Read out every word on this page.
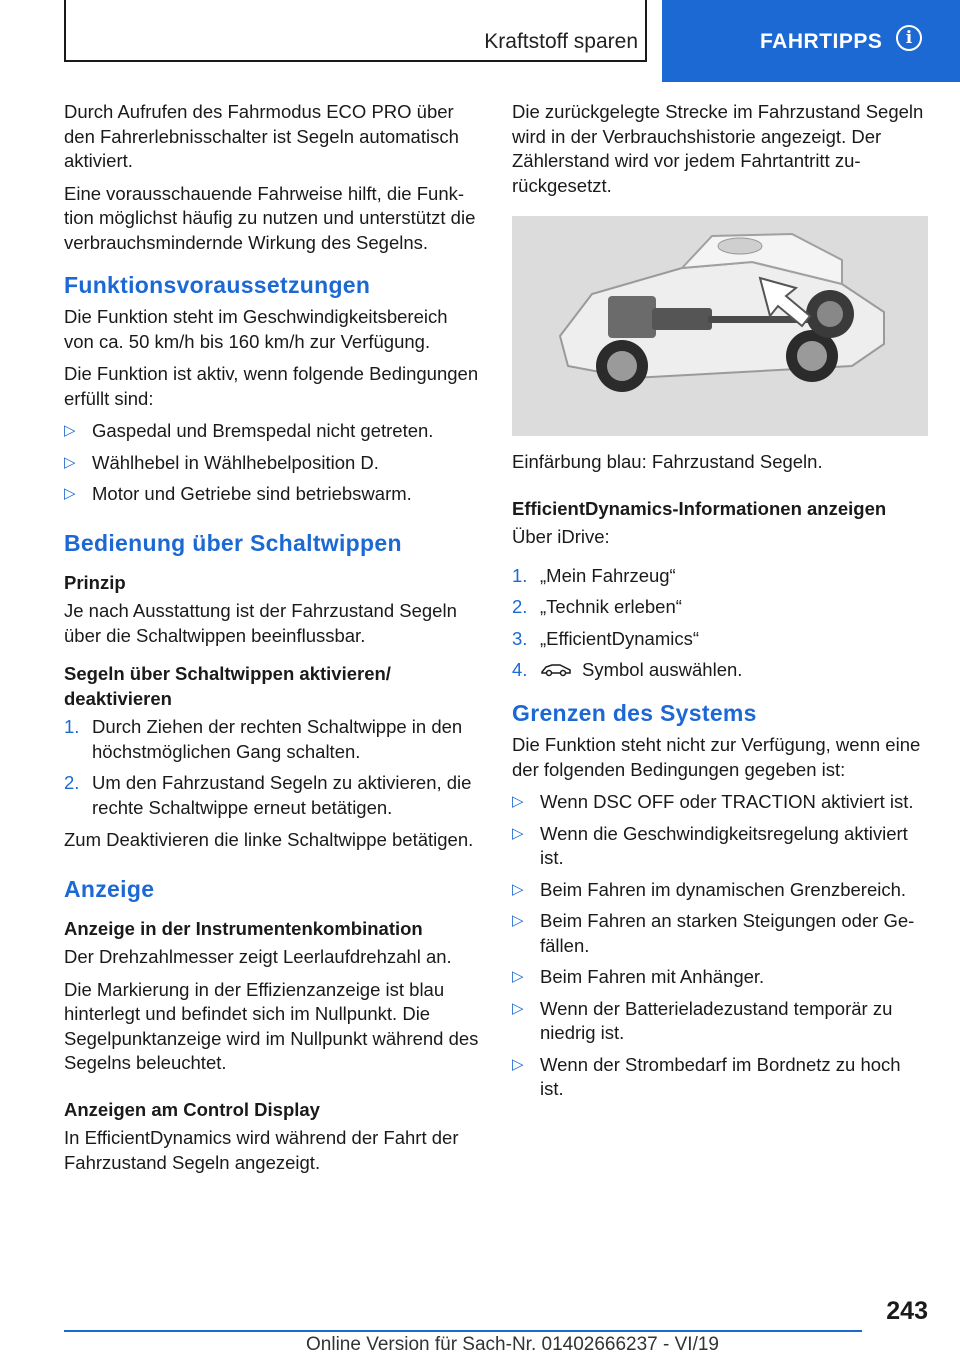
Kraftstoff sparen	FAHRTIPPS	i

Durch Aufrufen des Fahrmodus ECO PRO über den Fahrerlebnisschalter ist Segeln automatisch aktiviert.

Eine vorausschauende Fahrweise hilft, die Funktion möglichst häufig zu nutzen und unterstützt die verbrauchsmindernde Wirkung des Segelns.

Funktionsvoraussetzungen

Die Funktion steht im Geschwindigkeitsbereich von ca. 50 km/h bis 160 km/h zur Verfügung.

Die Funktion ist aktiv, wenn folgende Bedingungen erfüllt sind:

▷ Gaspedal und Bremspedal nicht getreten.
▷ Wählhebel in Wählhebelposition D.
▷ Motor und Getriebe sind betriebswarm.
Bedienung über Schaltwippen
Prinzip

Je nach Ausstattung ist der Fahrzustand Segeln über die Schaltwippen beeinflussbar.

Segeln über Schaltwippen aktivieren/ deaktivieren
1. Durch Ziehen der rechten Schaltwippe in den höchstmöglichen Gang schalten.
2. Um den Fahrzustand Segeln zu aktivieren, die rechte Schaltwippe erneut betätigen.

Zum Deaktivieren die linke Schaltwippe betätigen.

Anzeige
Anzeige in der Instrumentenkombination

Der Drehzahlmesser zeigt Leerlaufdrehzahl an.

Die Markierung in der Effizienzanzeige ist blau hinterlegt und befindet sich im Nullpunkt. Die Segelpunktanzeige wird im Nullpunkt während des Segelns beleuchtet.

Anzeigen am Control Display

In EfficientDynamics wird während der Fahrt der Fahrzustand Segeln angezeigt.

Die zurückgelegte Strecke im Fahrzustand Segeln wird in der Verbrauchshistorie angezeigt. Der Zählerstand wird vor jedem Fahrtantritt zurückgesetzt.

Einfärbung blau: Fahrzustand Segeln.

EfficientDynamics-Informationen anzeigen

Über iDrive:

1. „Mein Fahrzeug“
2. „Technik erleben“
3. „EfficientDynamics“
4.	Symbol auswählen.
Grenzen des Systems

Die Funktion steht nicht zur Verfügung, wenn eine der folgenden Bedingungen gegeben ist:

▷ Wenn DSC OFF oder TRACTION aktiviert ist.
▷ Wenn die Geschwindigkeitsregelung aktiviert ist.
▷ Beim Fahren im dynamischen Grenzbereich.
▷ Beim Fahren an starken Steigungen oder Gefällen.
▷ Beim Fahren mit Anhänger.
▷ Wenn der Batterieladezustand temporär zu niedrig ist.
▷ Wenn der Strombedarf im Bordnetz zu hoch ist.
243
Online Version für Sach-Nr. 01402666237 - VI/19
